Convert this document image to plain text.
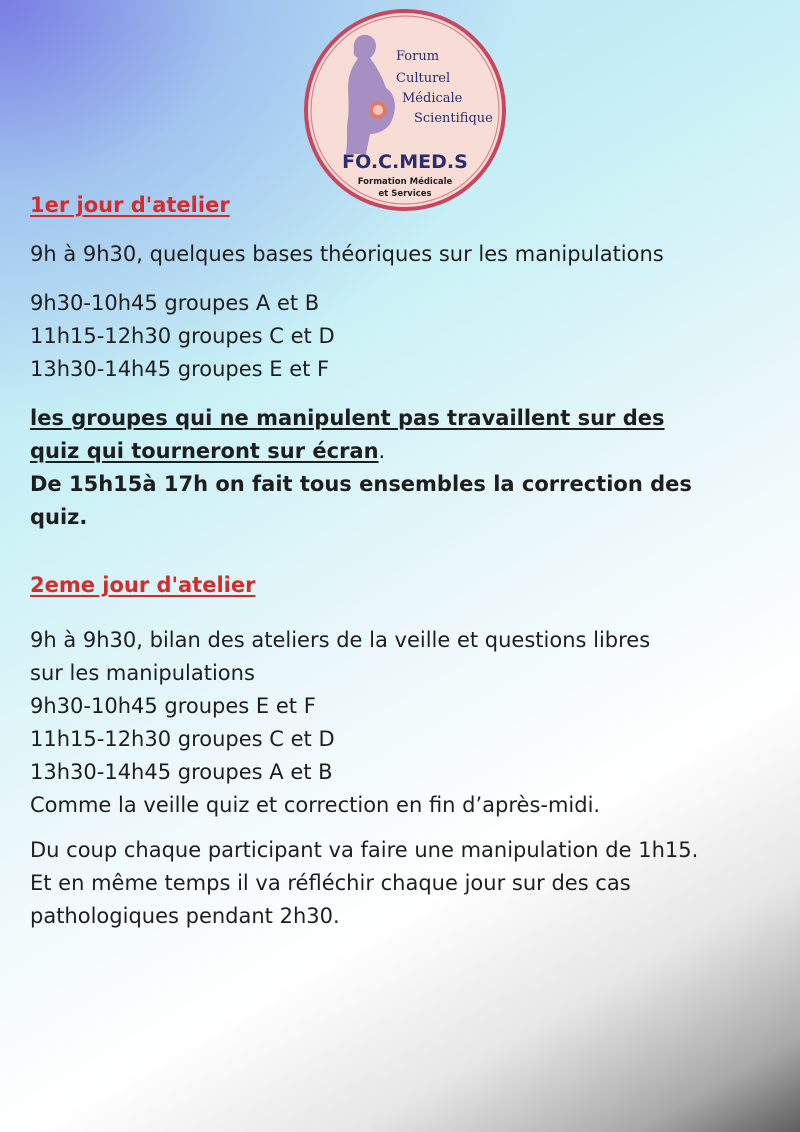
Forum
Culturel
Médicale
Scientifique
FO.C.MED.S
Formation Médicale
et Services
1er jour d'atelier

9h à 9h30, quelques bases théoriques sur les manipulations

9h30-10h45 groupes A et B

11h15-12h30 groupes C et D

13h30-14h45 groupes E et F

les groupes qui ne manipulent pas travaillent sur des

quiz qui tourneront sur écran.

De 15h15à 17h on fait tous ensembles la correction des

quiz.

2eme jour d'atelier

9h à 9h30, bilan des ateliers de la veille et questions libres

sur les manipulations

9h30-10h45 groupes E et F

11h15-12h30 groupes C et D

13h30-14h45 groupes A et B

Comme la veille quiz et correction en fin d’après-midi.

Du coup chaque participant va faire une manipulation de 1h15.

Et en même temps il va réfléchir chaque jour sur des cas

pathologiques pendant 2h30.
